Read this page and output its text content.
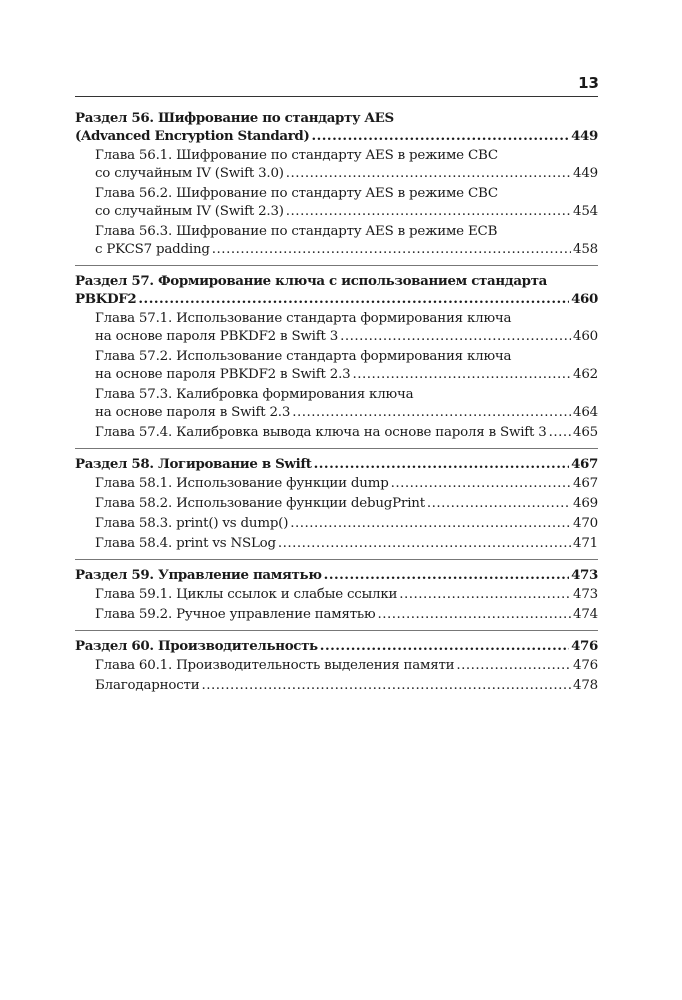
13
Раздел 56. Шифрование по стандарту AES
(Advanced Encryption Standard) .....	449
Глава 56.1. Шифрование по стандарту AES в режиме CBC
со случайным IV (Swift 3.0) .....	449
Глава 56.2. Шифрование по стандарту AES в режиме CBC
со случайным IV (Swift 2.3) .....	454
Глава 56.3. Шифрование по стандарту AES в режиме ECB
с PKCS7 padding .....	458
Раздел 57. Формирование ключа с использованием стандарта
PBKDF2 .....	460
Глава 57.1. Использование стандарта формирования ключа
на основе пароля PBKDF2 в Swift 3 .....	460
Глава 57.2. Использование стандарта формирования ключа
на основе пароля PBKDF2 в Swift 2.3 .....	462
Глава 57.3. Калибровка формирования ключа
на основе пароля в Swift 2.3 .....	464
Глава 57.4. Калибровка вывода ключа на основе пароля в Swift 3 ..... 465
Раздел 58. Логирование в Swift .....	467
Глава 58.1. Использование функции dump .....	467
Глава 58.2. Использование функции debugPrint .....	469
Глава 58.3. print() vs dump() .....	470
Глава 58.4. print vs NSLog .....	471
Раздел 59. Управление памятью .....	473
Глава 59.1. Циклы ссылок и слабые ссылки .....	473
Глава 59.2. Ручное управление памятью .....	474
Раздел 60. Производительность .....	476
Глава 60.1. Производительность выделения памяти .....	476
Благодарности .....	478
